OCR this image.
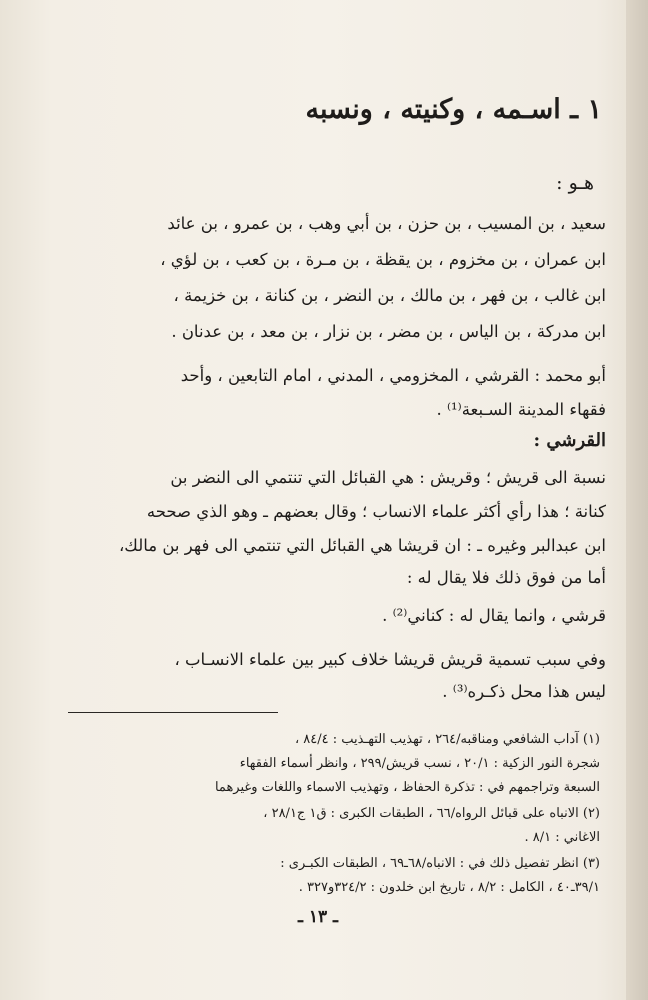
١ ـ اسـمه ، وكنيته ، ونسبه
هـو :
سعيد ، بن المسيب ، بن حزن ، بن أبي وهب ، بن عمرو ، بن عائد
ابن عمران ، بن مخزوم ، بن يقظة ، بن مـرة ، بن كعب ، بن لؤي ،
ابن غالب ، بن فهر ، بن مالك ، بن النضر ، بن كنانة ، بن خزيمة ،
ابن مدركة ، بن الياس ، بن مضر ، بن نزار ، بن معد ، بن عدنان .
أبو محمد : القرشي ، المخزومي ، المدني ، امام التابعين ، وأحد
فقهاء المدينة السـبعة⁽¹⁾ .
القرشي :
نسبة الى قريش ؛ وقريش : هي القبائل التي تنتمي الى النضر بن
كنانة ؛ هذا رأي أكثر علماء الانساب ؛ وقال بعضهم ـ وهو الذي صححه
ابن عبدالبر وغيره ـ : ان قريشا هي القبائل التي تنتمي الى فهر بن مالك،
أما من فوق ذلك فلا يقال له :
قرشي ، وانما يقال له : كناني⁽²⁾ .
وفي سبب تسمية قريش قريشا خلاف كبير بين علماء الانسـاب ،
ليس هذا محل ذكـره⁽³⁾ .
(١) آداب الشافعي ومناقبه/٢٦٤ ، تهذيب التهـذيب : ٨٤/٤ ،
شجرة النور الزكية : ٢٠/١ ، نسب قريش/٢٩٩ ، وانظر أسماء الفقهاء
السبعة وتراجمهم في : تذكرة الحفاظ ، وتهذيب الاسماء واللغات وغيرهما
(٢) الانباه على قبائل الرواه/٦٦ ، الطبقات الكبرى : ق١ ج٢٨/١ ،
الاغاني : ٨/١ .
(٣) انظر تفصيل ذلك في : الانباه/٦٨ـ٦٩ ، الطبقات الكبـرى :
٣٩/١ـ٤٠ ، الكامل : ٨/٢ ، تاريخ ابن خلدون : ٣٢٤/٢و٣٢٧ .
ـ ١٣ ـ
